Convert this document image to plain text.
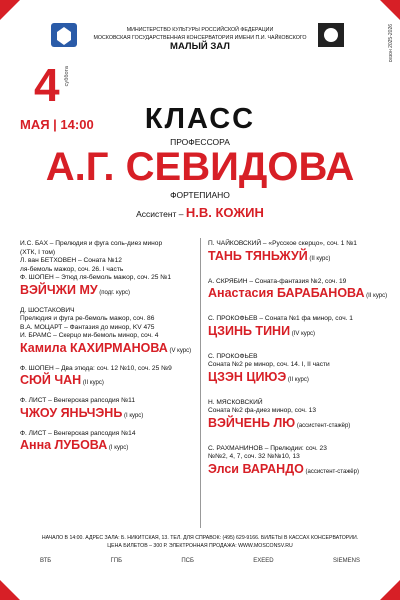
МИНИСТЕРСТВО КУЛЬТУРЫ РОССИЙСКОЙ ФЕДЕРАЦИИ
МОСКОВСКАЯ ГОСУДАРСТВЕННАЯ КОНСЕРВАТОРИЯ ИМЕНИ П.И. ЧАЙКОВСКОГО
МАЛЫЙ ЗАЛ	сезон 2025-2026
4 суббота
МАЯ | 14:00	КЛАСС
ПРОФЕССОРА
А.Г. СЕВИДОВА
ФОРТЕПИАНО
Ассистент – Н.В. КОЖИН
И.С. БАХ – Прелюдия и фуга соль-диез минор
(ХТК, I том)
Л. ван БЕТХОВЕН – Соната №12
ля-бемоль мажор, соч. 26. I часть
Ф. ШОПЕН – Этюд ля-бемоль мажор, соч. 25 №1
ВЭЙЧЖИ МУ (подг. курс)
Д. ШОСТАКОВИЧ
Прелюдия и фуга ре-бемоль мажор, соч. 86
В.А. МОЦАРТ – Фантазия до минор, KV 475
И. БРАМС – Скерцо ми-бемоль минор, соч. 4
Камила КАХИРМАНОВА (V курс)
Ф. ШОПЕН – Два этюда: соч. 12 №10, соч. 25 №9
СЮЙ ЧАН (II курс)
Ф. ЛИСТ – Венгерская рапсодия №11
ЧЖОУ ЯНЬЧЭНЬ (I курс)
Ф. ЛИСТ – Венгерская рапсодия №14
Анна ЛУБОВА (I курс)
П. ЧАЙКОВСКИЙ – «Русское скерцо», соч. 1 №1
ТАНЬ ТЯНЬЖУЙ (II курс)
А. СКРЯБИН – Соната-фантазия №2, соч. 19
Анастасия БАРАБАНОВА (II курс)
С. ПРОКОФЬЕВ – Соната №1 фа минор, соч. 1
ЦЗИНЬ ТИНИ (IV курс)
С. ПРОКОФЬЕВ
Соната №2 ре минор, соч. 14. I, II части
ЦЗЭН ЦИЮЭ (II курс)
Н. МЯСКОВСКИЙ
Соната №2 фа-диез минор, соч. 13
ВЭЙЧЕНЬ ЛЮ (ассистент-стажёр)
С. РАХМАНИНОВ – Прелюдии: соч. 23
№№2, 4, 7, соч. 32 №№10, 13
Элси ВАРАНДО (ассистент-стажёр)
НАЧАЛО В 14:00. АДРЕС ЗАЛА: Б. НИКИТСКАЯ, 13. ТЕЛ. ДЛЯ СПРАВОК: (495) 629-9166. БИЛЕТЫ В КАССАХ КОНСЕРВАТОРИИ.
ЦЕНА БИЛЕТОВ – 300 Р. ЭЛЕКТРОННАЯ ПРОДАЖА: WWW.MOSCONSV.RU
ВТБ	ГПБ	ПСБ	EXEED	SIEMENS
